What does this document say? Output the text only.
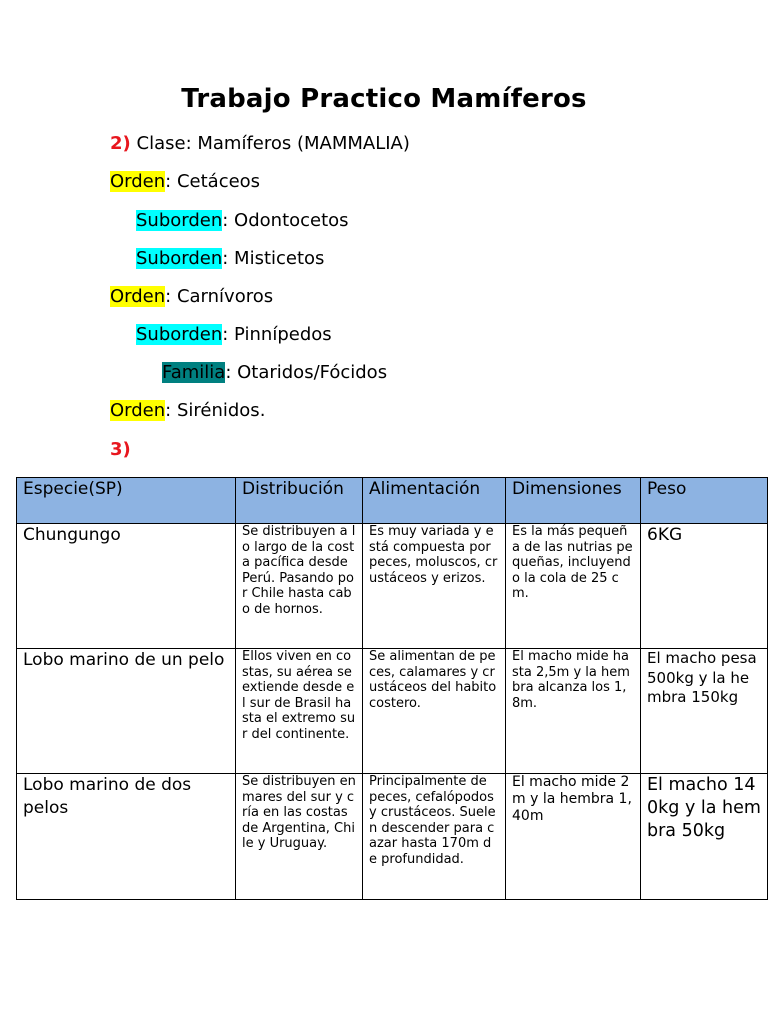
Trabajo Practico Mamíferos
2) Clase: Mamíferos (MAMMALIA)
Orden: Cetáceos
Suborden: Odontocetos
Suborden: Misticetos
Orden: Carnívoros
Suborden: Pinnípedos
Familia: Otaridos/Fócidos
Orden: Sirénidos.
3)
Especie(SP)	Distribución	Alimentación	Dimensiones	Peso
Chungungo	Se distribuyen a lo largo de la costa pacífica desde Perú. Pasando por Chile hasta cabo de hornos.	Es muy variada y está compuesta por peces, moluscos, crustáceos y erizos.	Es la más pequeña de las nutrias pequeñas, incluyendo la cola de 25 cm.	6KG
Lobo marino de un pelo	Ellos viven en costas, su aérea se extiende desde el sur de Brasil hasta el extremo sur del continente.	Se alimentan de peces, calamares y crustáceos del habito costero.	El macho mide hasta 2,5m y la hembra alcanza los 1,8m.	El macho pesa 500kg y la hembra 150kg
Lobo marino de dos pelos	Se distribuyen en mares del sur y cría en las costas de Argentina, Chile y Uruguay.	Principalmente de peces, cefalópodos y crustáceos. Suelen descender para cazar hasta 170m de profundidad.	El macho mide 2m y la hembra 1,40m	El macho 140kg y la hembra 50kg
